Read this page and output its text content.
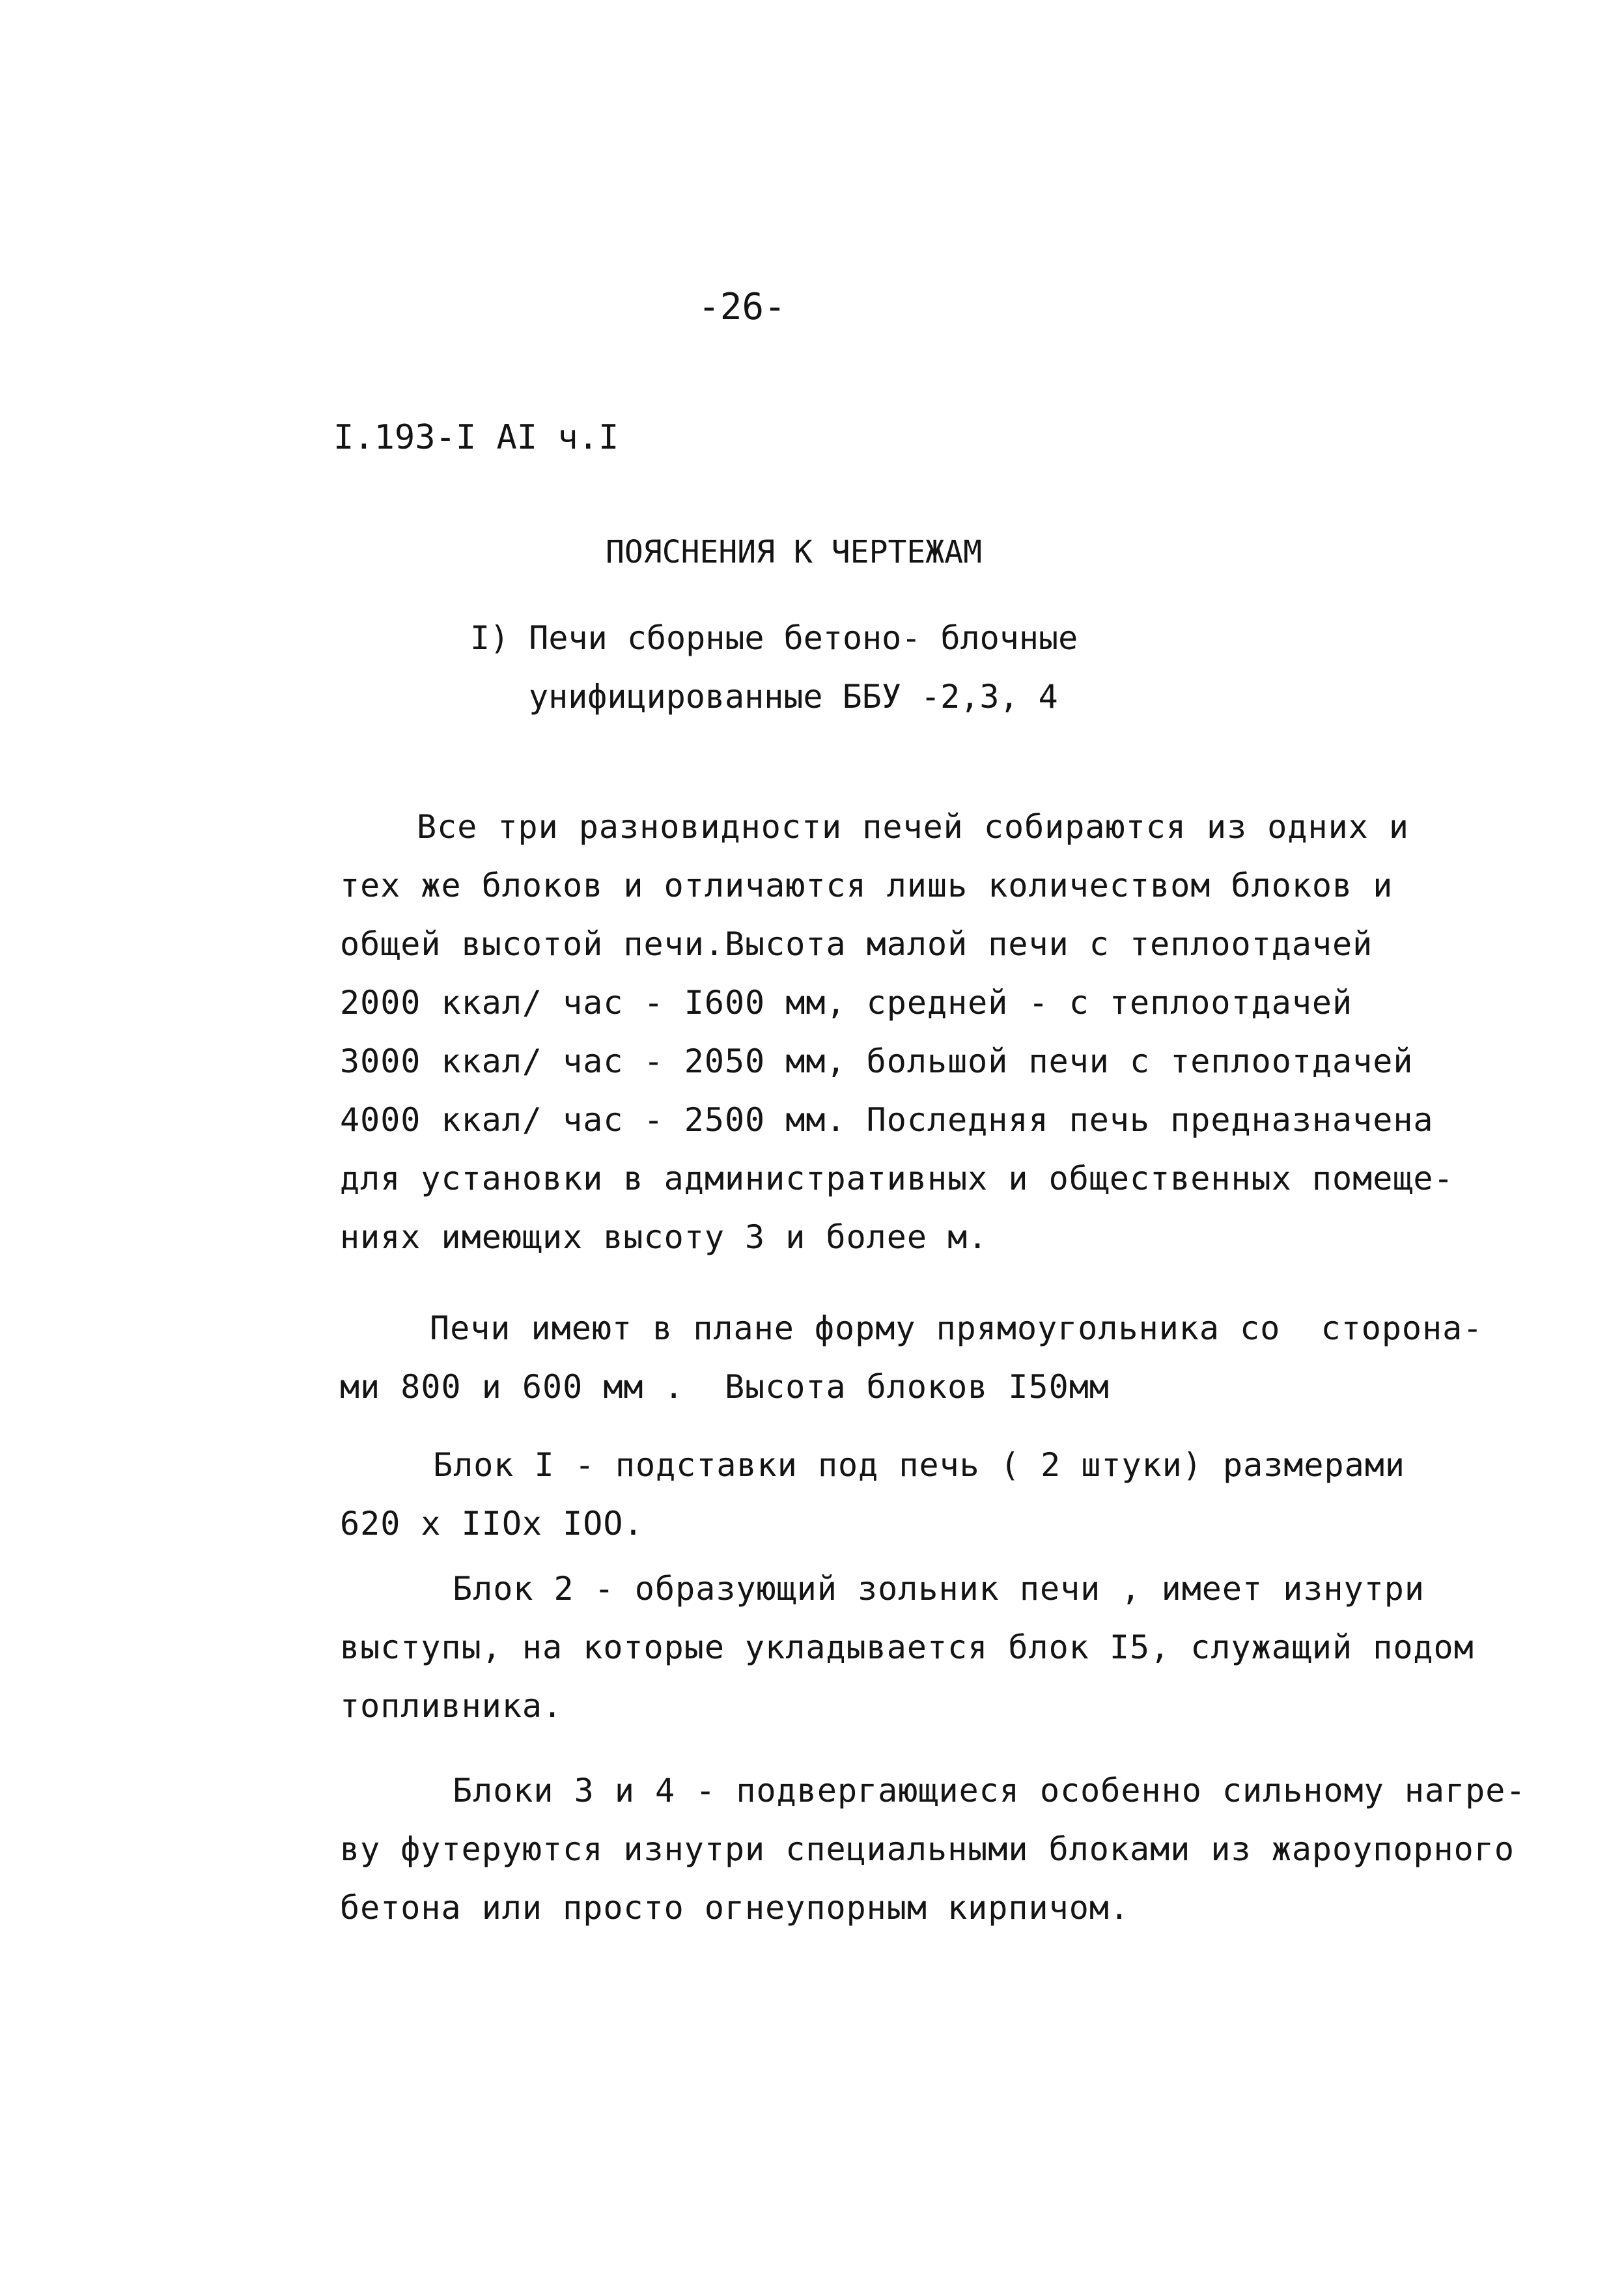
-26-
I.193-I AI ч.I
ПОЯСНЕНИЯ К ЧЕРТЕЖАМ
I) Печи сборные бетоно- блочные
унифицированные ББУ -2,3, 4
Все три разновидности печей собираются из одних и
тех же блоков и отличаются лишь количеством блоков и
общей высотой печи.Высота малой печи с теплоотдачей
2000 ккал/ час - I600 мм, средней - с теплоотдачей
3000 ккал/ час - 2050 мм, большой печи с теплоотдачей
4000 ккал/ час - 2500 мм. Последняя печь предназначена
для установки в административных и общественных помеще-
ниях имеющих высоту 3 и более м.
Печи имеют в плане форму прямоугольника со  сторона-
ми 800 и 600 мм .  Высота блоков I50мм
Блок I - подставки под печь ( 2 штуки) размерами
620 х IIOx IOO.
Блок 2 - образующий зольник печи , имеет изнутри
выступы, на которые укладывается блок I5, служащий подом
топливника.
Блоки 3 и 4 - подвергающиеся особенно сильному нагре-
ву футеруются изнутри специальными блоками из жароупорного
бетона или просто огнеупорным кирпичом.
